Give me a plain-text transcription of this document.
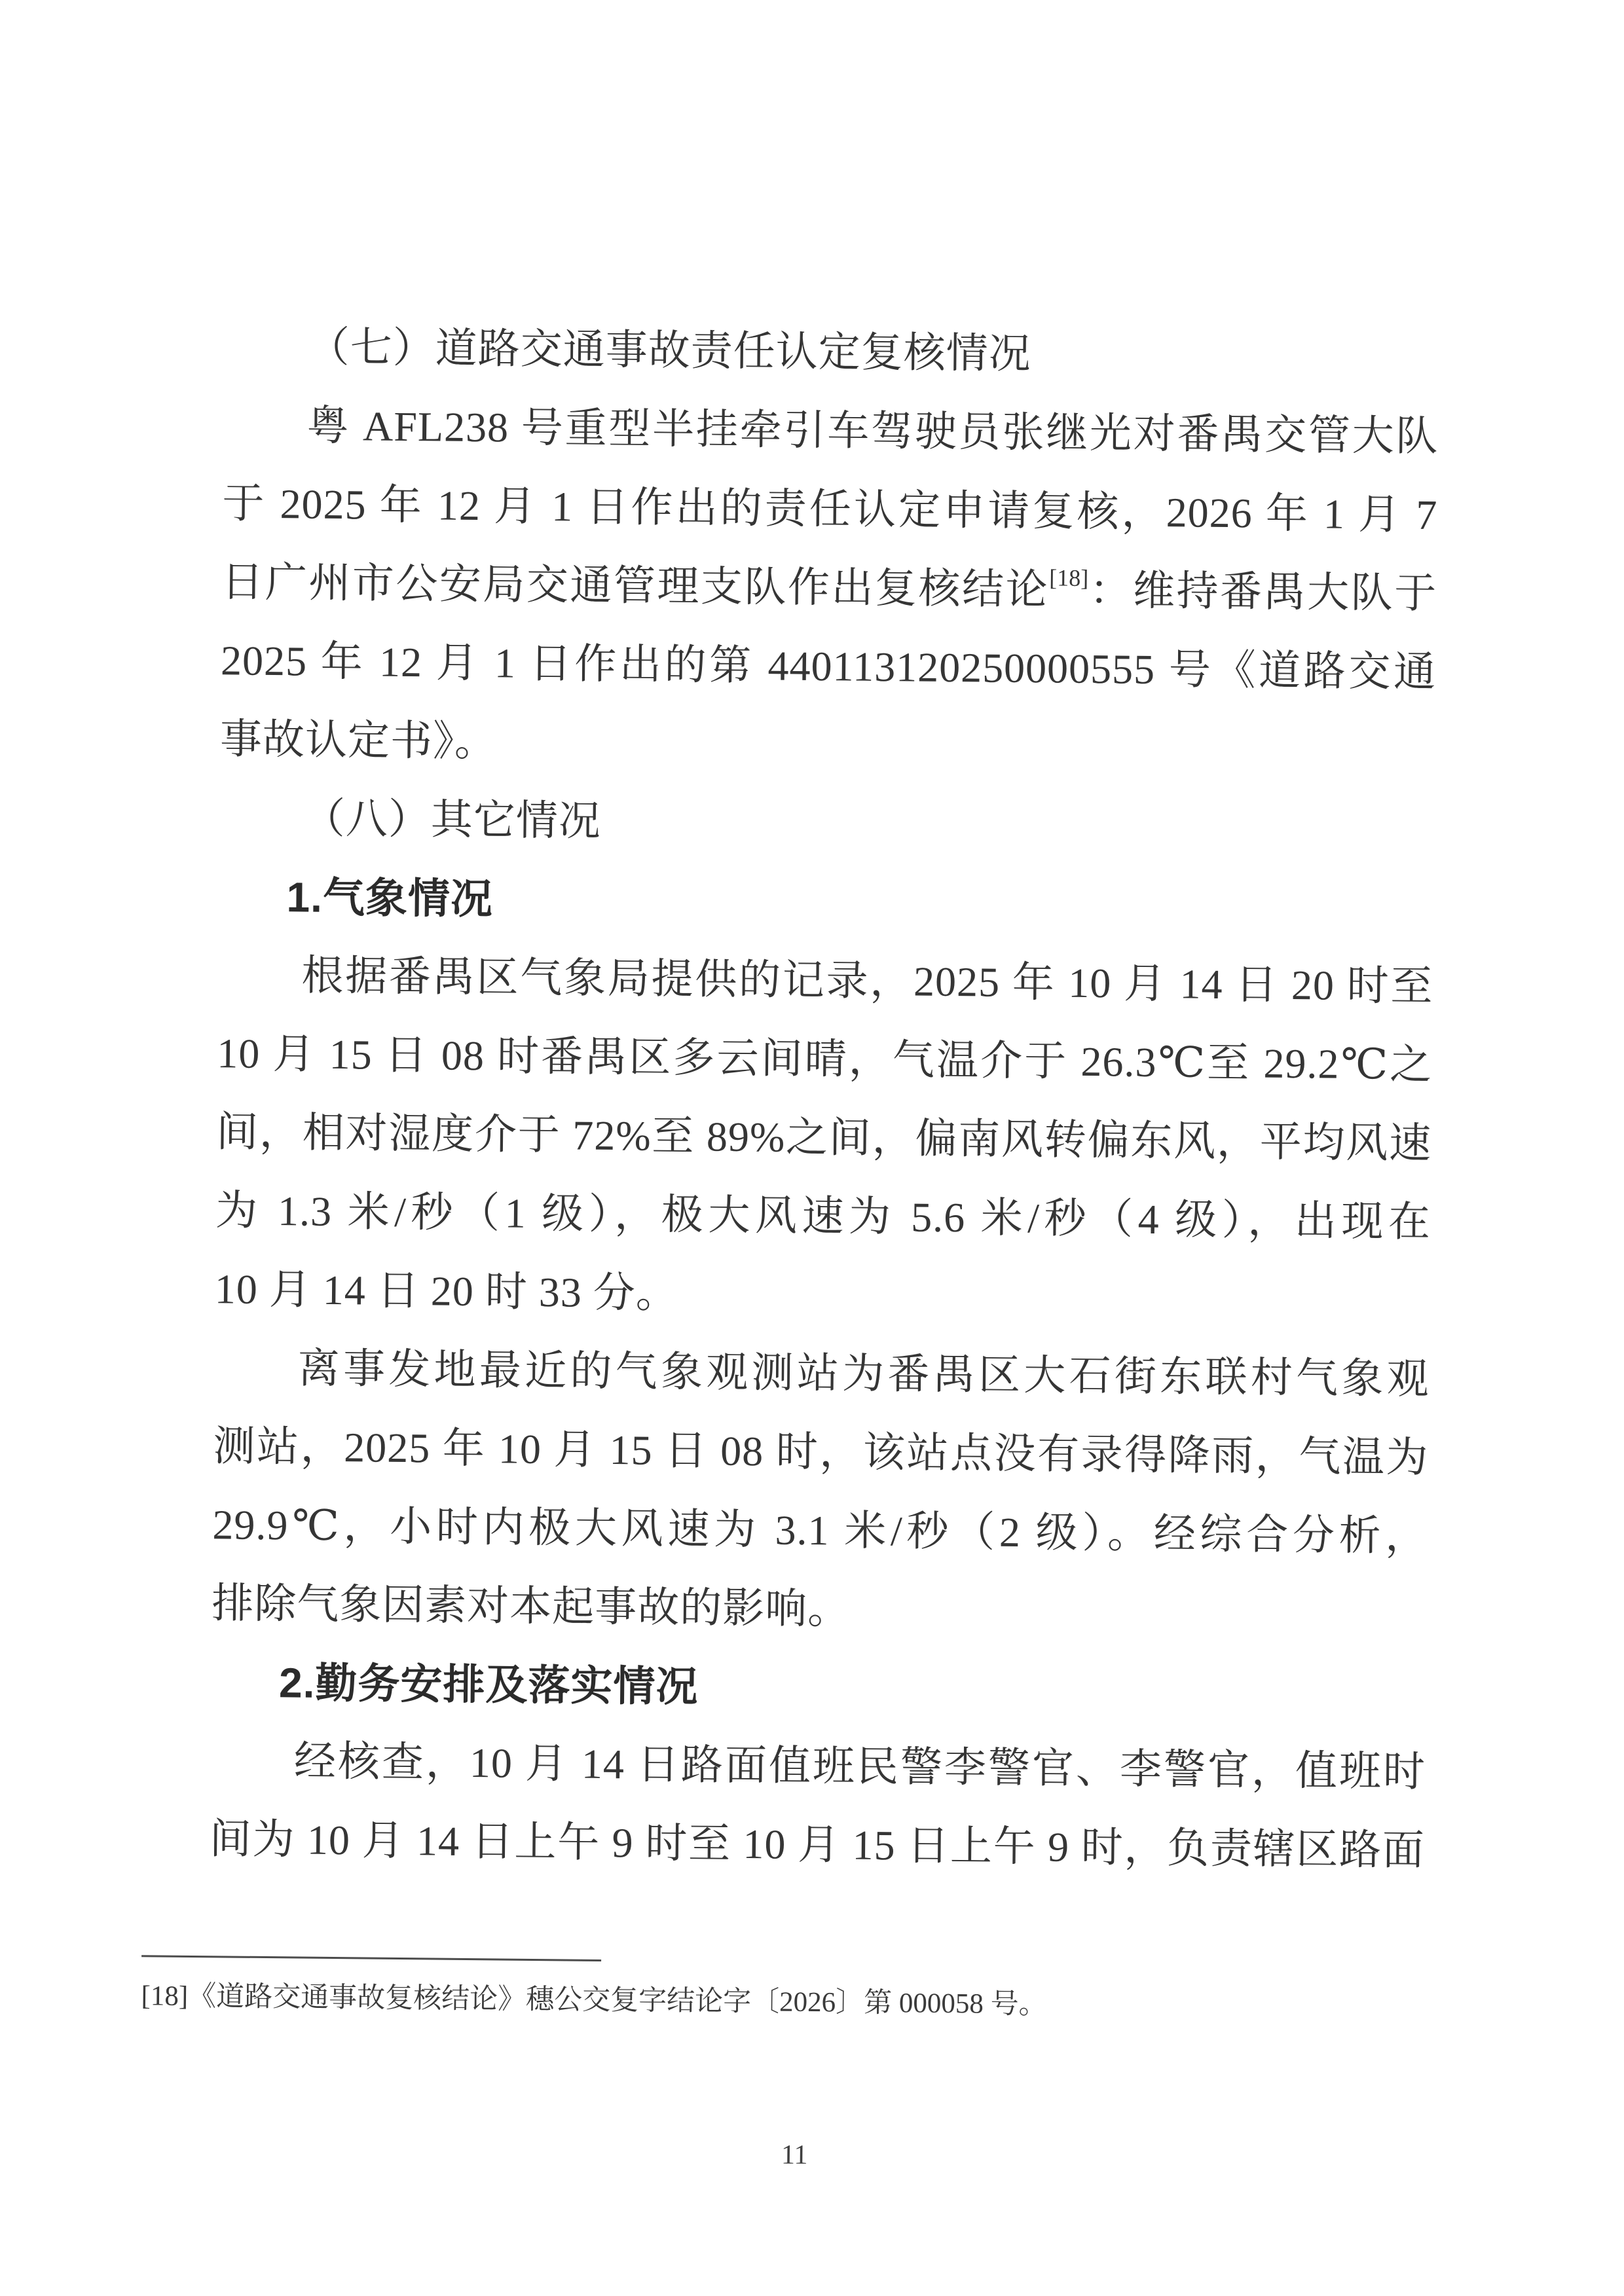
（七）道路交通事故责任认定复核情况
粤 AFL238 号重型半挂牵引车驾驶员张继光对番禺交管大队
于 2025 年 12 月 1 日作出的责任认定申请复核，2026 年 1 月 7
日广州市公安局交通管理支队作出复核结论[18]：维持番禺大队于
2025 年 12 月 1 日作出的第 440113120250000555 号《道路交通
事故认定书》。
（八）其它情况
1.气象情况
根据番禺区气象局提供的记录，2025 年 10 月 14 日 20 时至
10 月 15 日 08 时番禺区多云间晴，气温介于 26.3℃至 29.2℃之
间，相对湿度介于 72%至 89%之间，偏南风转偏东风，平均风速
为 1.3 米/秒（1 级），极大风速为 5.6 米/秒（4 级），出现在
10 月 14 日 20 时 33 分。
离事发地最近的气象观测站为番禺区大石街东联村气象观
测站，2025 年 10 月 15 日 08 时，该站点没有录得降雨，气温为
29.9℃，小时内极大风速为 3.1 米/秒（2 级）。经综合分析，
排除气象因素对本起事故的影响。
2.勤务安排及落实情况
经核查，10 月 14 日路面值班民警李警官、李警官，值班时
间为 10 月 14 日上午 9 时至 10 月 15 日上午 9 时，负责辖区路面
[18]《道路交通事故复核结论》穗公交复字结论字〔2026〕第 000058 号。
11
